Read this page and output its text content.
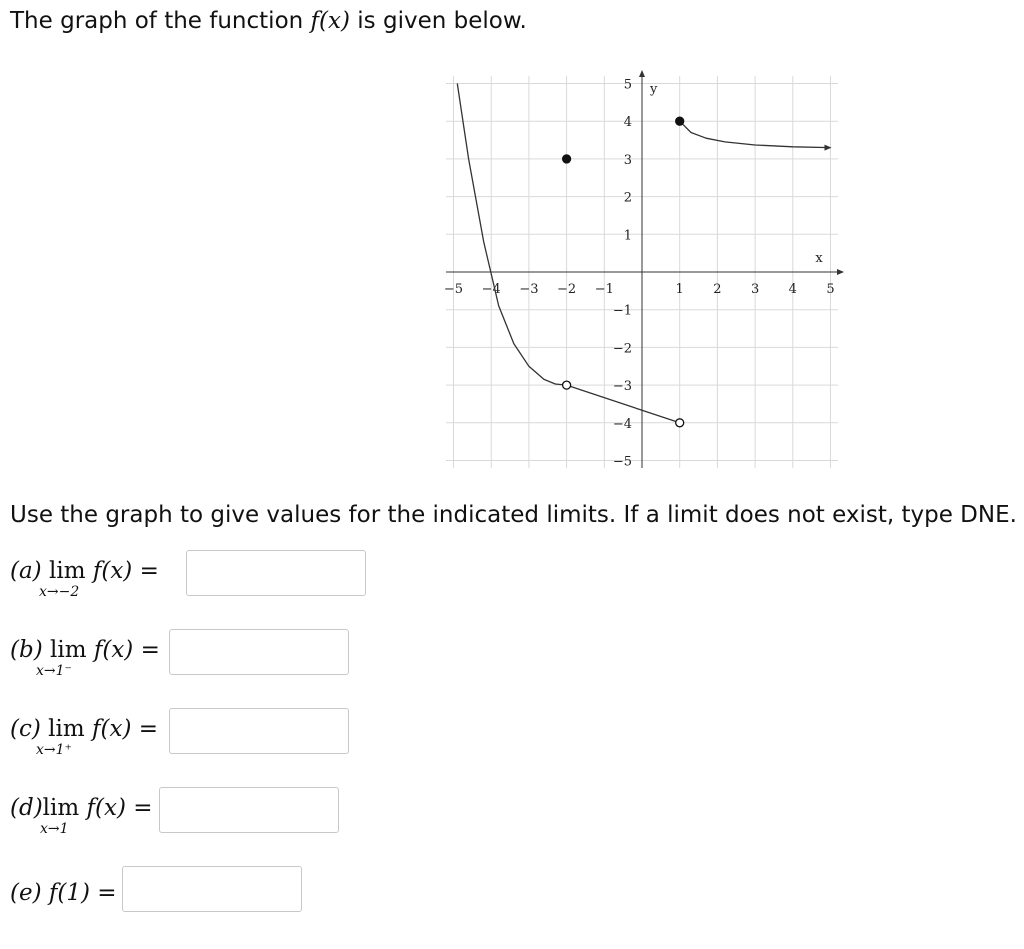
The graph of the function f(x) is given below.
x
y
−5 −4 −3 −2 −1	1 2 3 4 5
5
4
3
2
1
−1
−2
−3
−4
−5
Use the graph to give values for the indicated limits. If a limit does not exist, type DNE.
(a) lim f(x) =
x→−2
(b) lim f(x) =
x→1⁻
(c) lim f(x) =
x→1⁺
(d)lim f(x) =
x→1
(e) f(1) =
